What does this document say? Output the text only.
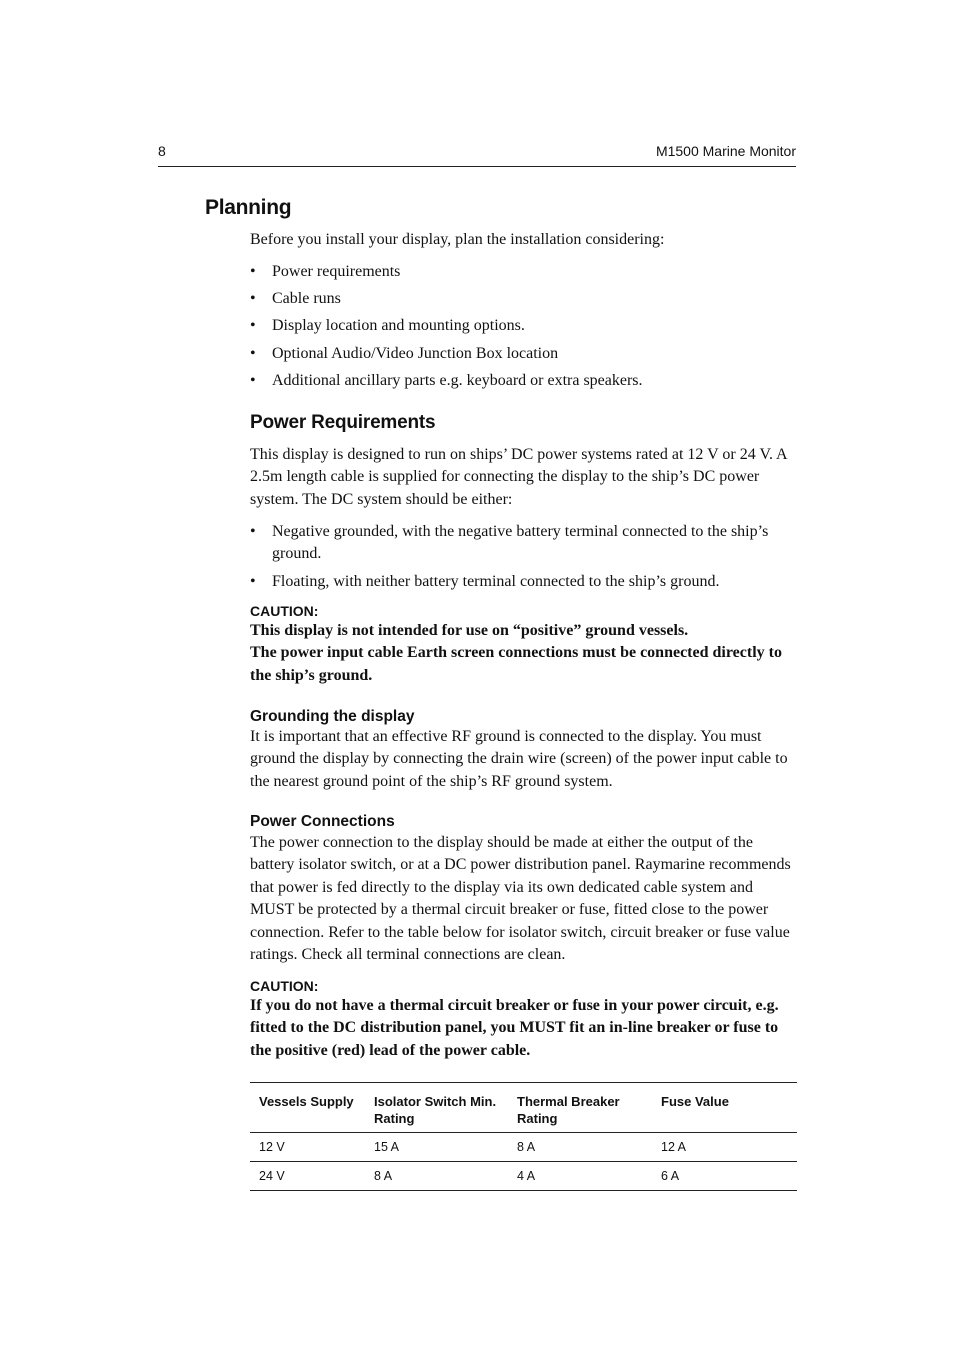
8	M1500 Marine Monitor
Planning
Before you install your display, plan the installation considering:
• Power requirements
• Cable runs
• Display location and mounting options.
• Optional Audio/Video Junction Box location
• Additional ancillary parts e.g. keyboard or extra speakers.
Power Requirements
This display is designed to run on ships’ DC power systems rated at 12 V or 24 V. A 2.5m length cable is supplied for connecting the display to the ship’s DC power system. The DC system should be either:
• Negative grounded, with the negative battery terminal connected to the ship’s ground.
• Floating, with neither battery terminal connected to the ship’s ground.
CAUTION:
This display is not intended for use on “positive” ground vessels.
The power input cable Earth screen connections must be connected directly to the ship’s ground.
Grounding the display
It is important that an effective RF ground is connected to the display. You must ground the display by connecting the drain wire (screen) of the power input cable to the nearest ground point of the ship’s RF ground system.
Power Connections
The power connection to the display should be made at either the output of the battery isolator switch, or at a DC power distribution panel. Raymarine recommends that power is fed directly to the display via its own dedicated cable system and MUST be protected by a thermal circuit breaker or fuse, fitted close to the power connection. Refer to the table below for isolator switch, circuit breaker or fuse value ratings. Check all terminal connections are clean.
CAUTION:
If you do not have a thermal circuit breaker or fuse in your power circuit, e.g. fitted to the DC distribution panel, you MUST fit an in-line breaker or fuse to the positive (red) lead of the power cable.
Vessels Supply	Isolator Switch Min. Rating	Thermal Breaker Rating	Fuse Value
12 V	15 A	8 A	12 A
24 V	8 A	4 A	6 A
